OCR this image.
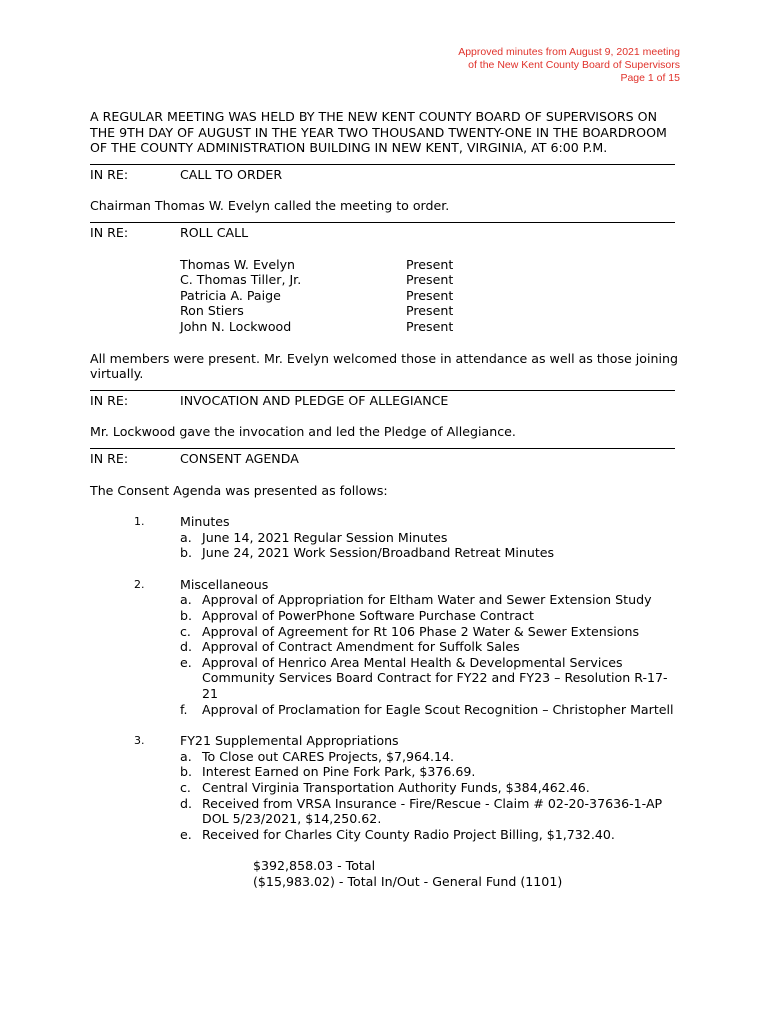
Approved minutes from August 9, 2021 meeting
of the New Kent County Board of Supervisors
Page 1 of 15

A REGULAR MEETING WAS HELD BY THE NEW KENT COUNTY BOARD OF SUPERVISORS ON THE 9TH DAY OF AUGUST IN THE YEAR TWO THOUSAND TWENTY-ONE IN THE BOARDROOM OF THE COUNTY ADMINISTRATION BUILDING IN NEW KENT, VIRGINIA, AT 6:00 P.M.

IN RE:	CALL TO ORDER

Chairman Thomas W. Evelyn called the meeting to order.

IN RE:	ROLL CALL
Thomas W. Evelyn	Present
C. Thomas Tiller, Jr.	Present
Patricia A. Paige	Present
Ron Stiers	Present
John N. Lockwood	Present

All members were present. Mr. Evelyn welcomed those in attendance as well as those joining virtually.

IN RE:	INVOCATION AND PLEDGE OF ALLEGIANCE

Mr. Lockwood gave the invocation and led the Pledge of Allegiance.

IN RE:	CONSENT AGENDA

The Consent Agenda was presented as follows:

1.	Minutes
a. June 14, 2021 Regular Session Minutes
b. June 24, 2021 Work Session/Broadband Retreat Minutes
2.	Miscellaneous
a. Approval of Appropriation for Eltham Water and Sewer Extension Study
b. Approval of PowerPhone Software Purchase Contract
c. Approval of Agreement for Rt 106 Phase 2 Water & Sewer Extensions
d. Approval of Contract Amendment for Suffolk Sales
e. Approval of Henrico Area Mental Health & Developmental Services Community Services Board Contract for FY22 and FY23 – Resolution R-17-21
f.	Approval of Proclamation for Eagle Scout Recognition – Christopher Martell
3.	FY21 Supplemental Appropriations
a. To Close out CARES Projects, $7,964.14.
b. Interest Earned on Pine Fork Park, $376.69.
c. Central Virginia Transportation Authority Funds, $384,462.46.
d. Received from VRSA Insurance - Fire/Rescue - Claim # 02-20-37636-1-AP DOL 5/23/2021, $14,250.62.
e. Received for Charles City County Radio Project Billing, $1,732.40.
$392,858.03 - Total
($15,983.02) - Total In/Out - General Fund (1101)
